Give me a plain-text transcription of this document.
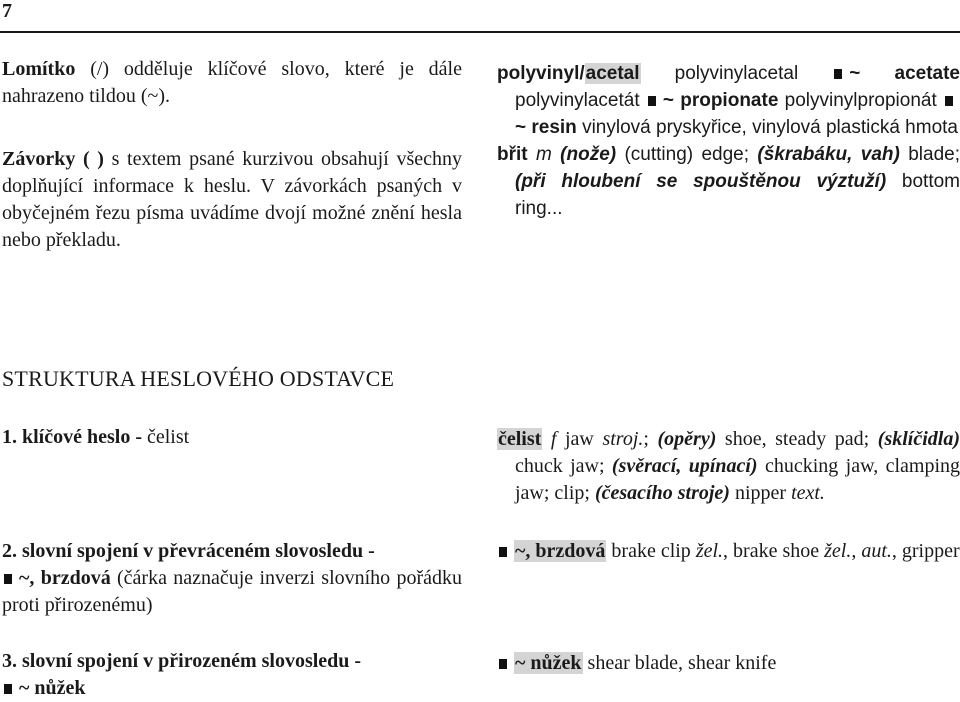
7

Lomítko (/) odděluje klíčové slovo, které je dále nahrazeno tildou (~).

Závorky ( ) s textem psané kurzivou obsahují všechny doplňující informace k heslu. V závorkách psaných v obyčejném řezu písma uvádíme dvojí možné znění hesla nebo překladu.

polyvinyl/acetal polyvinylacetal ~ acetate polyvinylacetát ~ propionate polyvinylpropionát ~ resin vinylová pryskyřice, vinylová plastická hmota
břit m (nože) (cutting) edge; (škrabáku, vah) blade; (při hloubení se spouštěnou výztuží) bottom ring...
STRUKTURA HESLOVÉHO ODSTAVCE
1. klíčové heslo - čelist
2. slovní spojení v převráceném slovosledu -
~, brzdová (čárka naznačuje inverzi slovního pořádku proti přirozenému)
3. slovní spojení v přirozeném slovosledu -
~ nůžek
čelist f jaw stroj.; (opěry) shoe, steady pad; (sklíčidla) chuck jaw; (svěrací, upínací) chucking jaw, clamping jaw; clip; (česacího stroje) nipper text.
~, brzdová brake clip žel., brake shoe žel., aut., gripper
~ nůžek shear blade, shear knife
